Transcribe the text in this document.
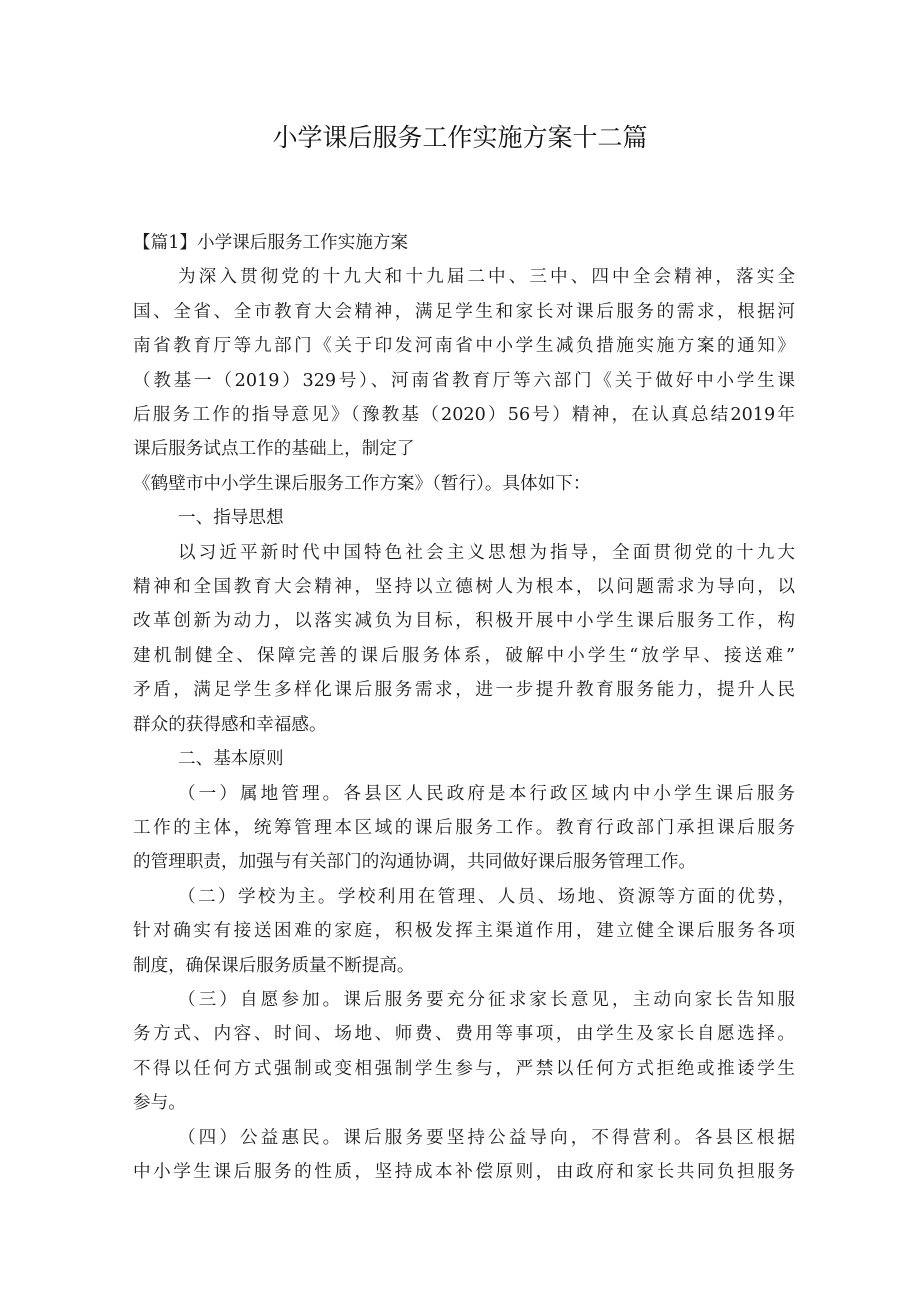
小学课后服务工作实施方案十二篇

【篇1】小学课后服务工作实施方案

为深入贯彻党的十九大和十九届二中、三中、四中全会精神，落实全

国、全省、全市教育大会精神，满足学生和家长对课后服务的需求，根据河

南省教育厅等九部门《关于印发河南省中小学生减负措施实施方案的通知》

（教基一（2019）329号）、河南省教育厅等六部门《关于做好中小学生课

后服务工作的指导意见》（豫教基（2020）56号）精神，在认真总结2019年

课后服务试点工作的基础上，制定了

《鹤壁市中小学生课后服务工作方案》（暂行）。具体如下：

一、指导思想

以习近平新时代中国特色社会主义思想为指导，全面贯彻党的十九大

精神和全国教育大会精神，坚持以立德树人为根本，以问题需求为导向，以

改革创新为动力，以落实减负为目标，积极开展中小学生课后服务工作，构

建机制健全、保障完善的课后服务体系，破解中小学生“放学早、接送难”

矛盾，满足学生多样化课后服务需求，进一步提升教育服务能力，提升人民

群众的获得感和幸福感。

二、基本原则

（一）属地管理。各县区人民政府是本行政区域内中小学生课后服务

工作的主体，统筹管理本区域的课后服务工作。教育行政部门承担课后服务

的管理职责，加强与有关部门的沟通协调，共同做好课后服务管理工作。

（二）学校为主。学校利用在管理、人员、场地、资源等方面的优势，

针对确实有接送困难的家庭，积极发挥主渠道作用，建立健全课后服务各项

制度，确保课后服务质量不断提高。

（三）自愿参加。课后服务要充分征求家长意见，主动向家长告知服

务方式、内容、时间、场地、师费、费用等事项，由学生及家长自愿选择。

不得以任何方式强制或变相强制学生参与，严禁以任何方式拒绝或推诿学生

参与。

（四）公益惠民。课后服务要坚持公益导向，不得营利。各县区根据

中小学生课后服务的性质，坚持成本补偿原则，由政府和家长共同负担服务
